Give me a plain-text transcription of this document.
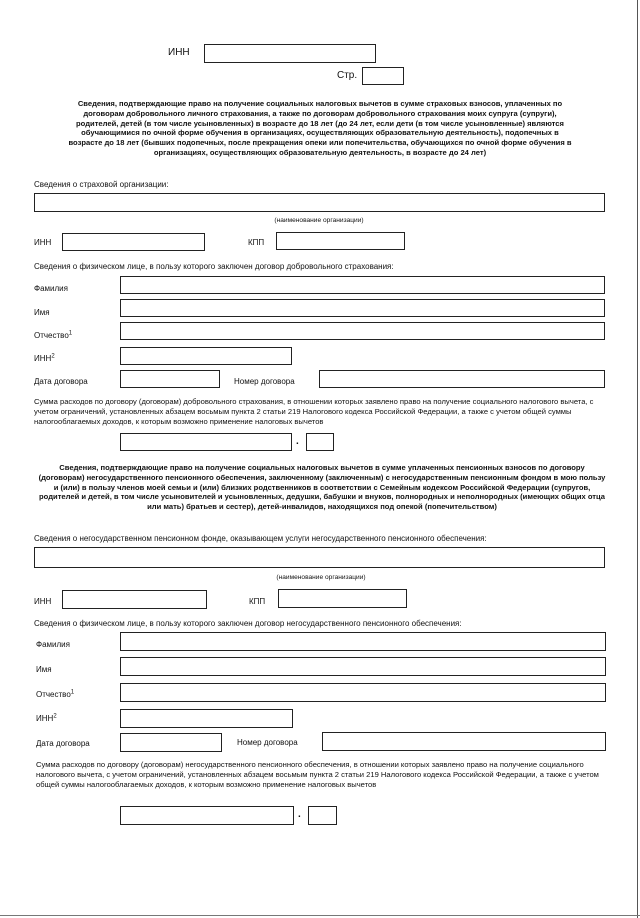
ИНН
Стр.
Сведения, подтверждающие право на получение социальных налоговых вычетов в сумме страховых взносов, уплаченных по договорам добровольного личного страхования, а также по договорам добровольного страхования моих супруга (супруги), родителей, детей (в том числе усыновленных) в возрасте до 18 лет (до 24 лет, если дети (в том числе усыновленные) являются обучающимися по очной форме обучения в организациях, осуществляющих образовательную деятельность), подопечных в возрасте до 18 лет (бывших подопечных, после прекращения опеки или попечительства, обучающихся по очной форме обучения в организациях, осуществляющих образовательную деятельность, в возрасте до 24 лет)
Сведения о страховой организации:
(наименование организации)
ИНН	КПП
Сведения о физическом лице, в пользу которого заключен договор добровольного страхования:
Фамилия
Имя
Отчество$^1$
ИНН$^2$
Дата договора	Номер договора
Сумма расходов по договору (договорам) добровольного страхования, в отношении которых заявлено право на получение социального налогового вычета, с учетом ограничений, установленных абзацем восьмым пункта 2 статьи 219 Налогового кодекса Российской Федерации, а также с учетом общей суммы налогооблагаемых доходов, к которым возможно применение налоговых вычетов
.
Сведения, подтверждающие право на получение социальных налоговых вычетов в сумме уплаченных пенсионных взносов по договору (договорам) негосударственного пенсионного обеспечения, заключенному (заключенным) с негосударственным пенсионным фондом в мою пользу и (или) в пользу членов моей семьи и (или) близких родственников в соответствии с Семейным кодексом Российской Федерации (супругов, родителей и детей, в том числе усыновителей и усыновленных, дедушки, бабушки и внуков, полнородных и неполнородных (имеющих общих отца или мать) братьев и сестер), детей-инвалидов, находящихся под опекой (попечительством)
Сведения о негосударственном пенсионном фонде, оказывающем услуги негосударственного пенсионного обеспечения:
(наименование организации)
ИНН	КПП
Сведения о физическом лице, в пользу которого заключен договор негосударственного пенсионного обеспечения:
Фамилия
Имя
Отчество$^1$
ИНН$^2$
Дата договора	Номер договора
Сумма расходов по договору (договорам) негосударственного пенсионного обеспечения, в отношении которых заявлено право на получение социального налогового вычета, с учетом ограничений, установленных абзацем восьмым пункта 2 статьи 219 Налогового кодекса Российской Федерации, а также с учетом общей суммы налогооблагаемых доходов, к которым возможно применение налоговых вычетов
.
